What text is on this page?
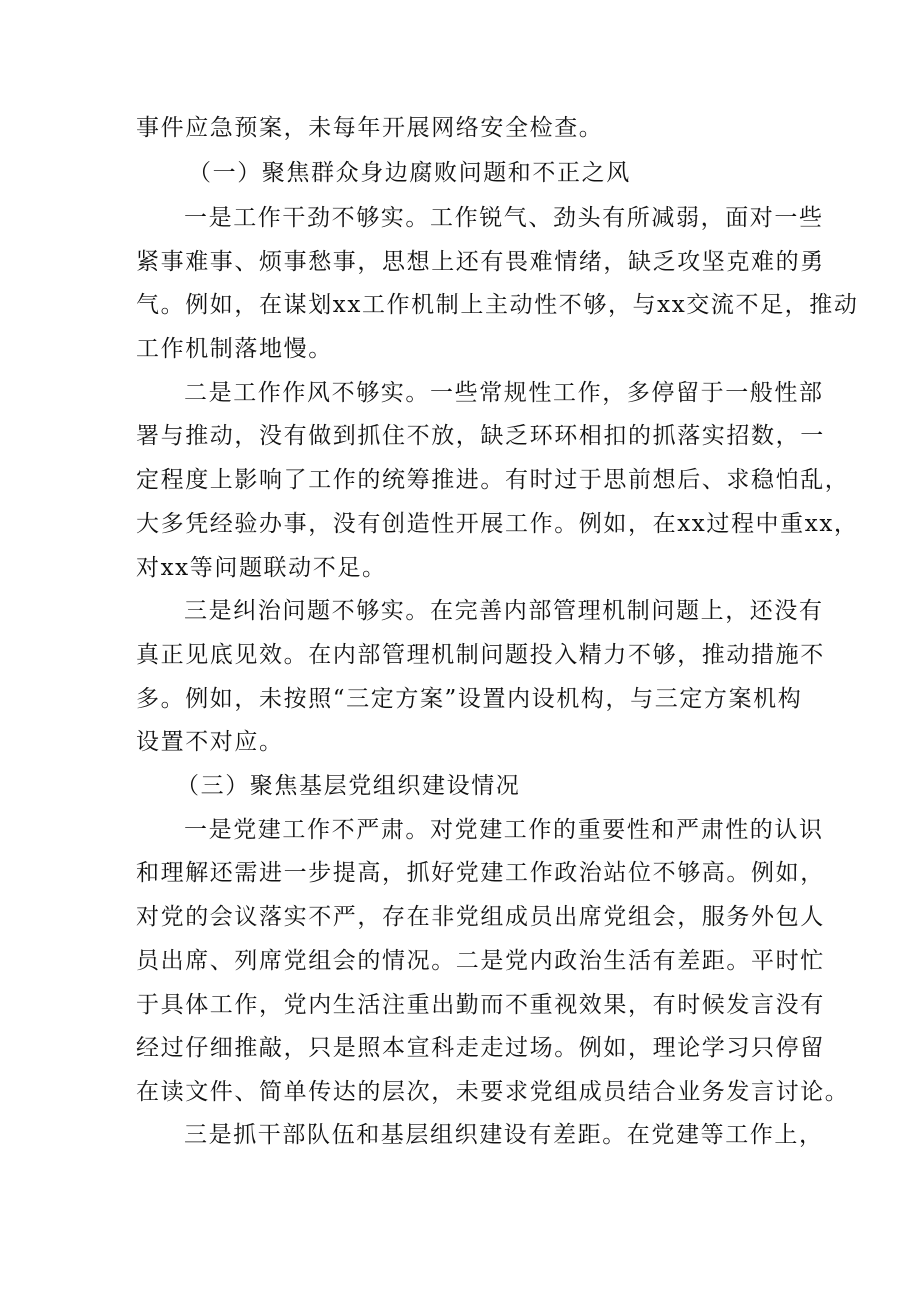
事件应急预案，未每年开展网络安全检查。
（一）聚焦群众身边腐败问题和不正之风
一是工作干劲不够实。工作锐气、劲头有所减弱，面对一些
紧事难事、烦事愁事，思想上还有畏难情绪，缺乏攻坚克难的勇
气。例如，在谋划xx工作机制上主动性不够，与xx交流不足，推动
工作机制落地慢。
二是工作作风不够实。一些常规性工作，多停留于一般性部
署与推动，没有做到抓住不放，缺乏环环相扣的抓落实招数，一
定程度上影响了工作的统筹推进。有时过于思前想后、求稳怕乱，
大多凭经验办事，没有创造性开展工作。例如，在xx过程中重xx，
对xx等问题联动不足。
三是纠治问题不够实。在完善内部管理机制问题上，还没有
真正见底见效。在内部管理机制问题投入精力不够，推动措施不
多。例如，未按照“三定方案”设置内设机构，与三定方案机构
设置不对应。
（三）聚焦基层党组织建设情况
一是党建工作不严肃。对党建工作的重要性和严肃性的认识
和理解还需进一步提高，抓好党建工作政治站位不够高。例如，
对党的会议落实不严，存在非党组成员出席党组会，服务外包人
员出席、列席党组会的情况。二是党内政治生活有差距。平时忙
于具体工作，党内生活注重出勤而不重视效果，有时候发言没有
经过仔细推敲，只是照本宣科走走过场。例如，理论学习只停留
在读文件、简单传达的层次，未要求党组成员结合业务发言讨论。
三是抓干部队伍和基层组织建设有差距。在党建等工作上，
